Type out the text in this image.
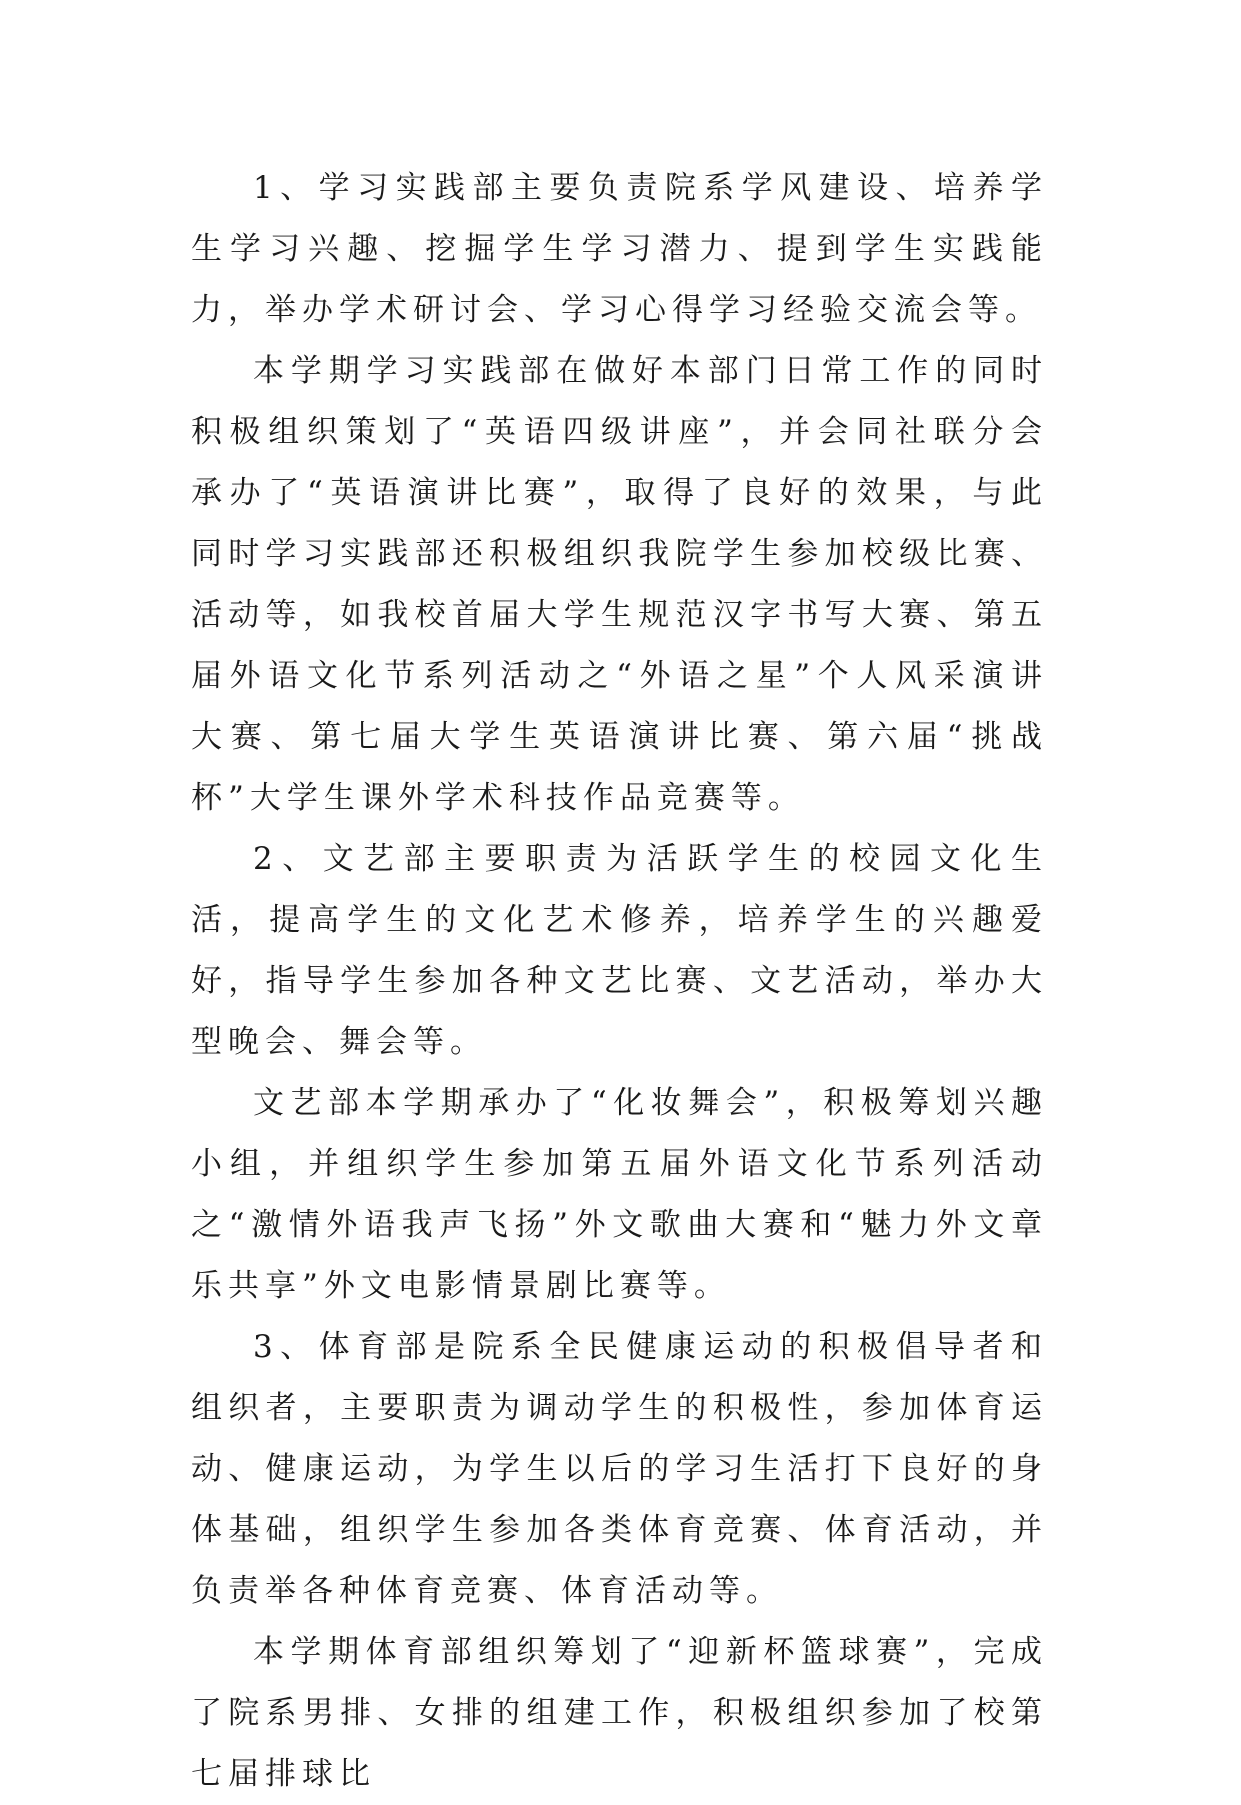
1、学习实践部主要负责院系学风建设、培养学生学习兴趣、挖掘学生学习潜力、提到学生实践能力，举办学术研讨会、学习心得学习经验交流会等。

本学期学习实践部在做好本部门日常工作的同时积极组织策划了“英语四级讲座”，并会同社联分会承办了“英语演讲比赛”，取得了良好的效果，与此同时学习实践部还积极组织我院学生参加校级比赛、活动等，如我校首届大学生规范汉字书写大赛、第五届外语文化节系列活动之“外语之星”个人风采演讲大赛、第七届大学生英语演讲比赛、第六届“挑战杯”大学生课外学术科技作品竞赛等。

2、文艺部主要职责为活跃学生的校园文化生活，提高学生的文化艺术修养，培养学生的兴趣爱好，指导学生参加各种文艺比赛、文艺活动，举办大型晚会、舞会等。

文艺部本学期承办了“化妆舞会”，积极筹划兴趣小组，并组织学生参加第五届外语文化节系列活动之“激情外语我声飞扬”外文歌曲大赛和“魅力外文章乐共享”外文电影情景剧比赛等。

3、体育部是院系全民健康运动的积极倡导者和组织者，主要职责为调动学生的积极性，参加体育运动、健康运动，为学生以后的学习生活打下良好的身体基础，组织学生参加各类体育竞赛、体育活动，并负责举各种体育竞赛、体育活动等。

本学期体育部组织筹划了“迎新杯篮球赛”，完成了院系男排、女排的组建工作，积极组织参加了校第七届排球比
